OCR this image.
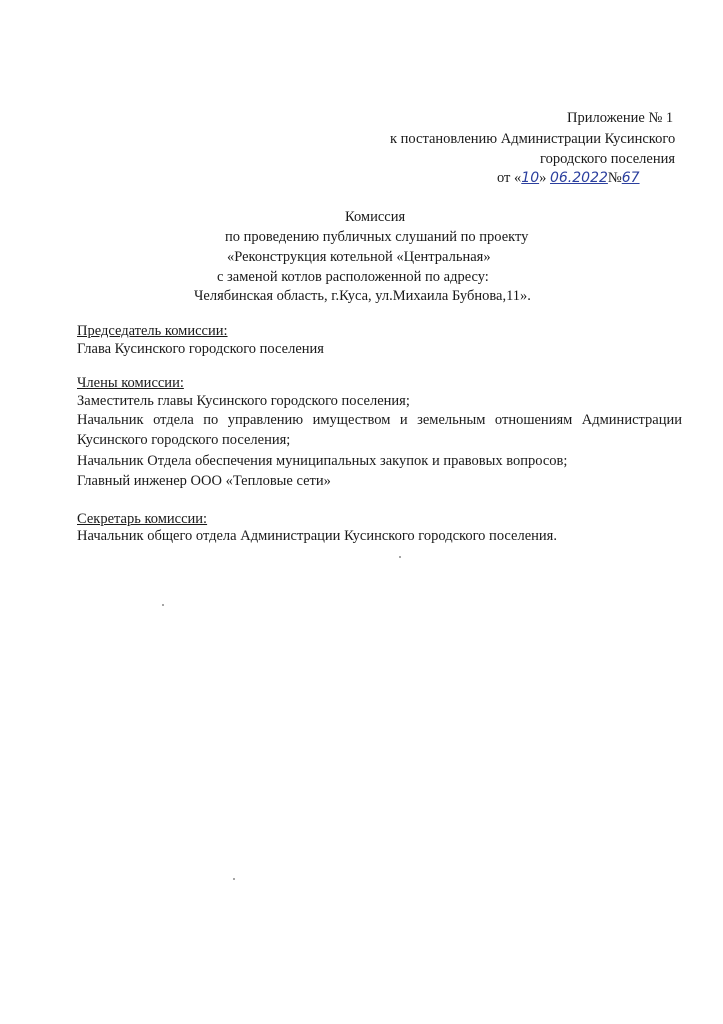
Приложение № 1
к постановлению Администрации Кусинского
городского поселения
от «10» 06.2022№67
Комиссия
по проведению публичных слушаний по проекту
«Реконструкция котельной «Центральная»
с заменой котлов расположенной по адресу:
Челябинская область, г.Куса, ул.Михаила Бубнова,11».
Председатель комиссии:
Глава Кусинского городского поселения
Члены комиссии:
Заместитель главы Кусинского городского поселения;
Начальник отдела по управлению имуществом и земельным отношениям Администрации
Кусинского городского поселения;
Начальник Отдела обеспечения муниципальных закупок и правовых вопросов;
Главный инженер ООО «Тепловые сети»
Секретарь комиссии:
Начальник общего отдела Администрации Кусинского городского поселения.
